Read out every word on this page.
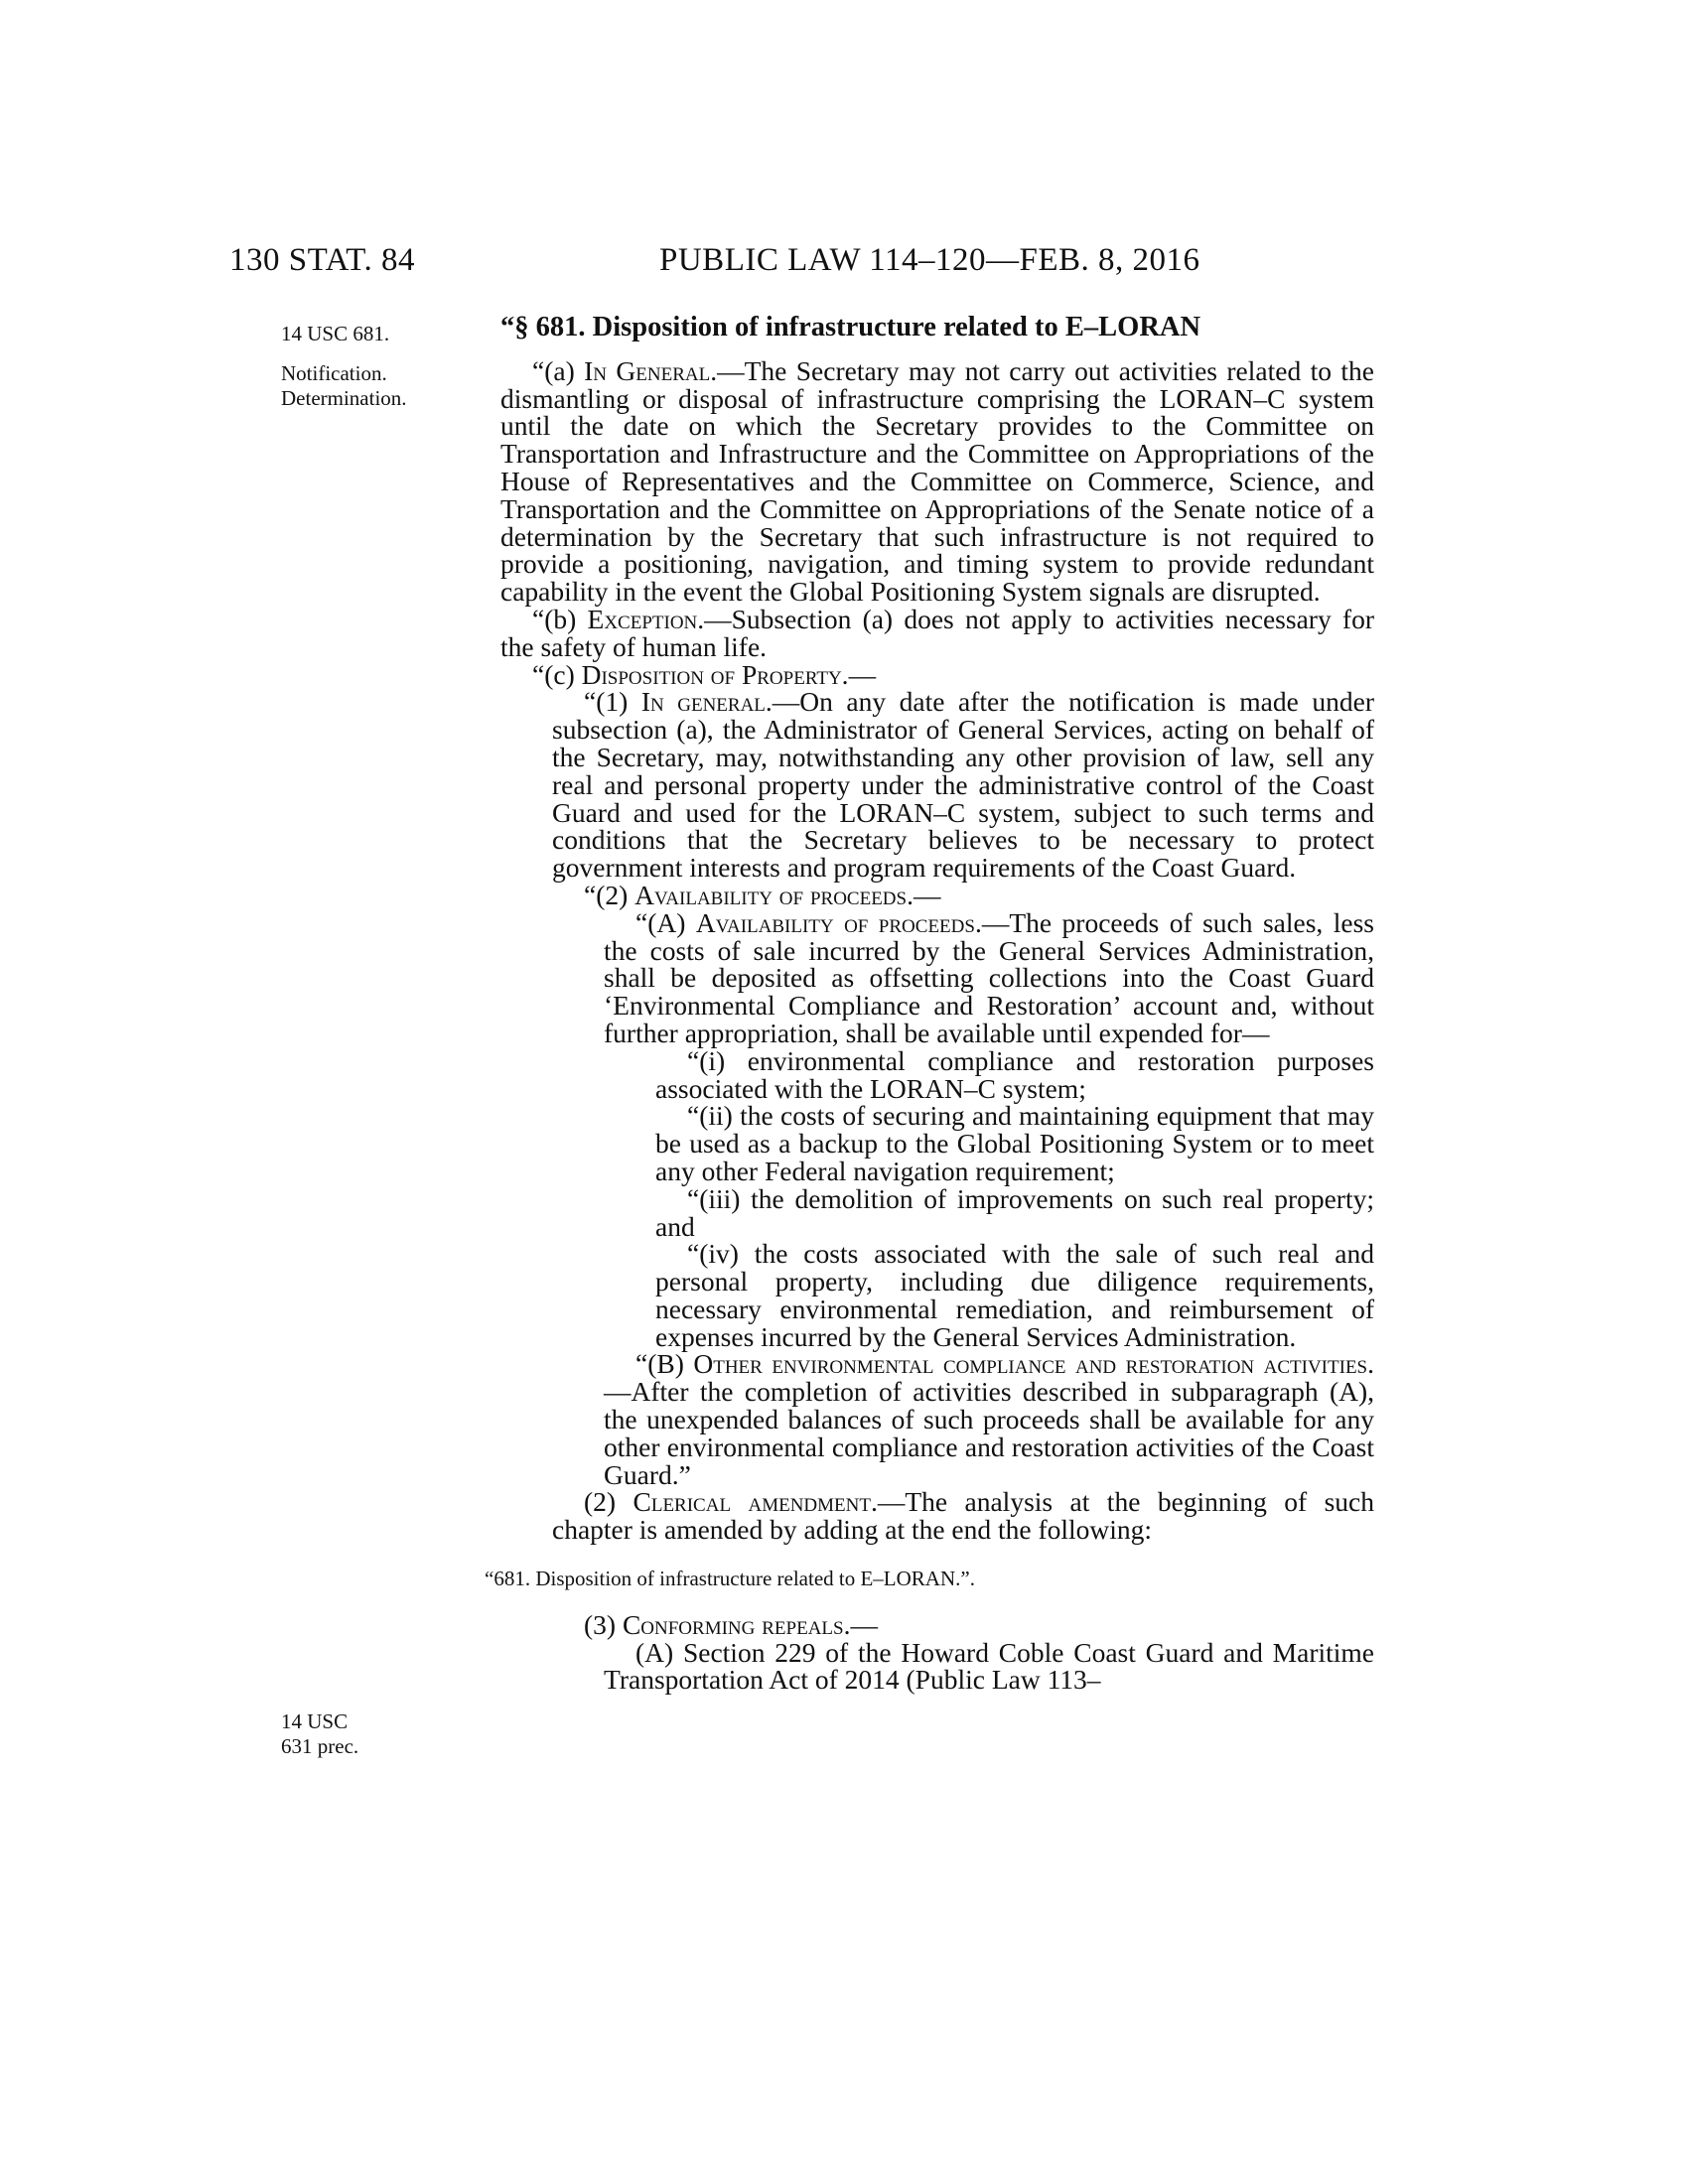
130 STAT. 84	PUBLIC LAW 114–120—FEB. 8, 2016
14 USC 681.
Notification.
Determination.
14 USC
631 prec.

“§ 681. Disposition of infrastructure related to E–LORAN

“(a) In General.—The Secretary may not carry out activities related to the dismantling or disposal of infrastructure comprising the LORAN–C system until the date on which the Secretary provides to the Committee on Transportation and Infrastructure and the Committee on Appropriations of the House of Representatives and the Committee on Commerce, Science, and Transportation and the Committee on Appropriations of the Senate notice of a determination by the Secretary that such infrastructure is not required to provide a positioning, navigation, and timing system to provide redundant capability in the event the Global Positioning System signals are disrupted.

“(b) Exception.—Subsection (a) does not apply to activities necessary for the safety of human life.

“(c) Disposition of Property.—

“(1) In general.—On any date after the notification is made under subsection (a), the Administrator of General Services, acting on behalf of the Secretary, may, notwithstanding any other provision of law, sell any real and personal property under the administrative control of the Coast Guard and used for the LORAN–C system, subject to such terms and conditions that the Secretary believes to be necessary to protect government interests and program requirements of the Coast Guard.

“(2) Availability of proceeds.—

“(A) Availability of proceeds.—The proceeds of such sales, less the costs of sale incurred by the General Services Administration, shall be deposited as offsetting collections into the Coast Guard ‘Environmental Compliance and Restoration’ account and, without further appropriation, shall be available until expended for—

“(i) environmental compliance and restoration purposes associated with the LORAN–C system;

“(ii) the costs of securing and maintaining equipment that may be used as a backup to the Global Positioning System or to meet any other Federal navigation requirement;

“(iii) the demolition of improvements on such real property; and

“(iv) the costs associated with the sale of such real and personal property, including due diligence requirements, necessary environmental remediation, and reimbursement of expenses incurred by the General Services Administration.

“(B) Other environmental compliance and restoration activities.—After the completion of activities described in subparagraph (A), the unexpended balances of such proceeds shall be available for any other environmental compliance and restoration activities of the Coast Guard.”

(2) Clerical amendment.—The analysis at the beginning of such chapter is amended by adding at the end the following:

“681. Disposition of infrastructure related to E–LORAN.”.

(3) Conforming repeals.—

(A) Section 229 of the Howard Coble Coast Guard and Maritime Transportation Act of 2014 (Public Law 113–
